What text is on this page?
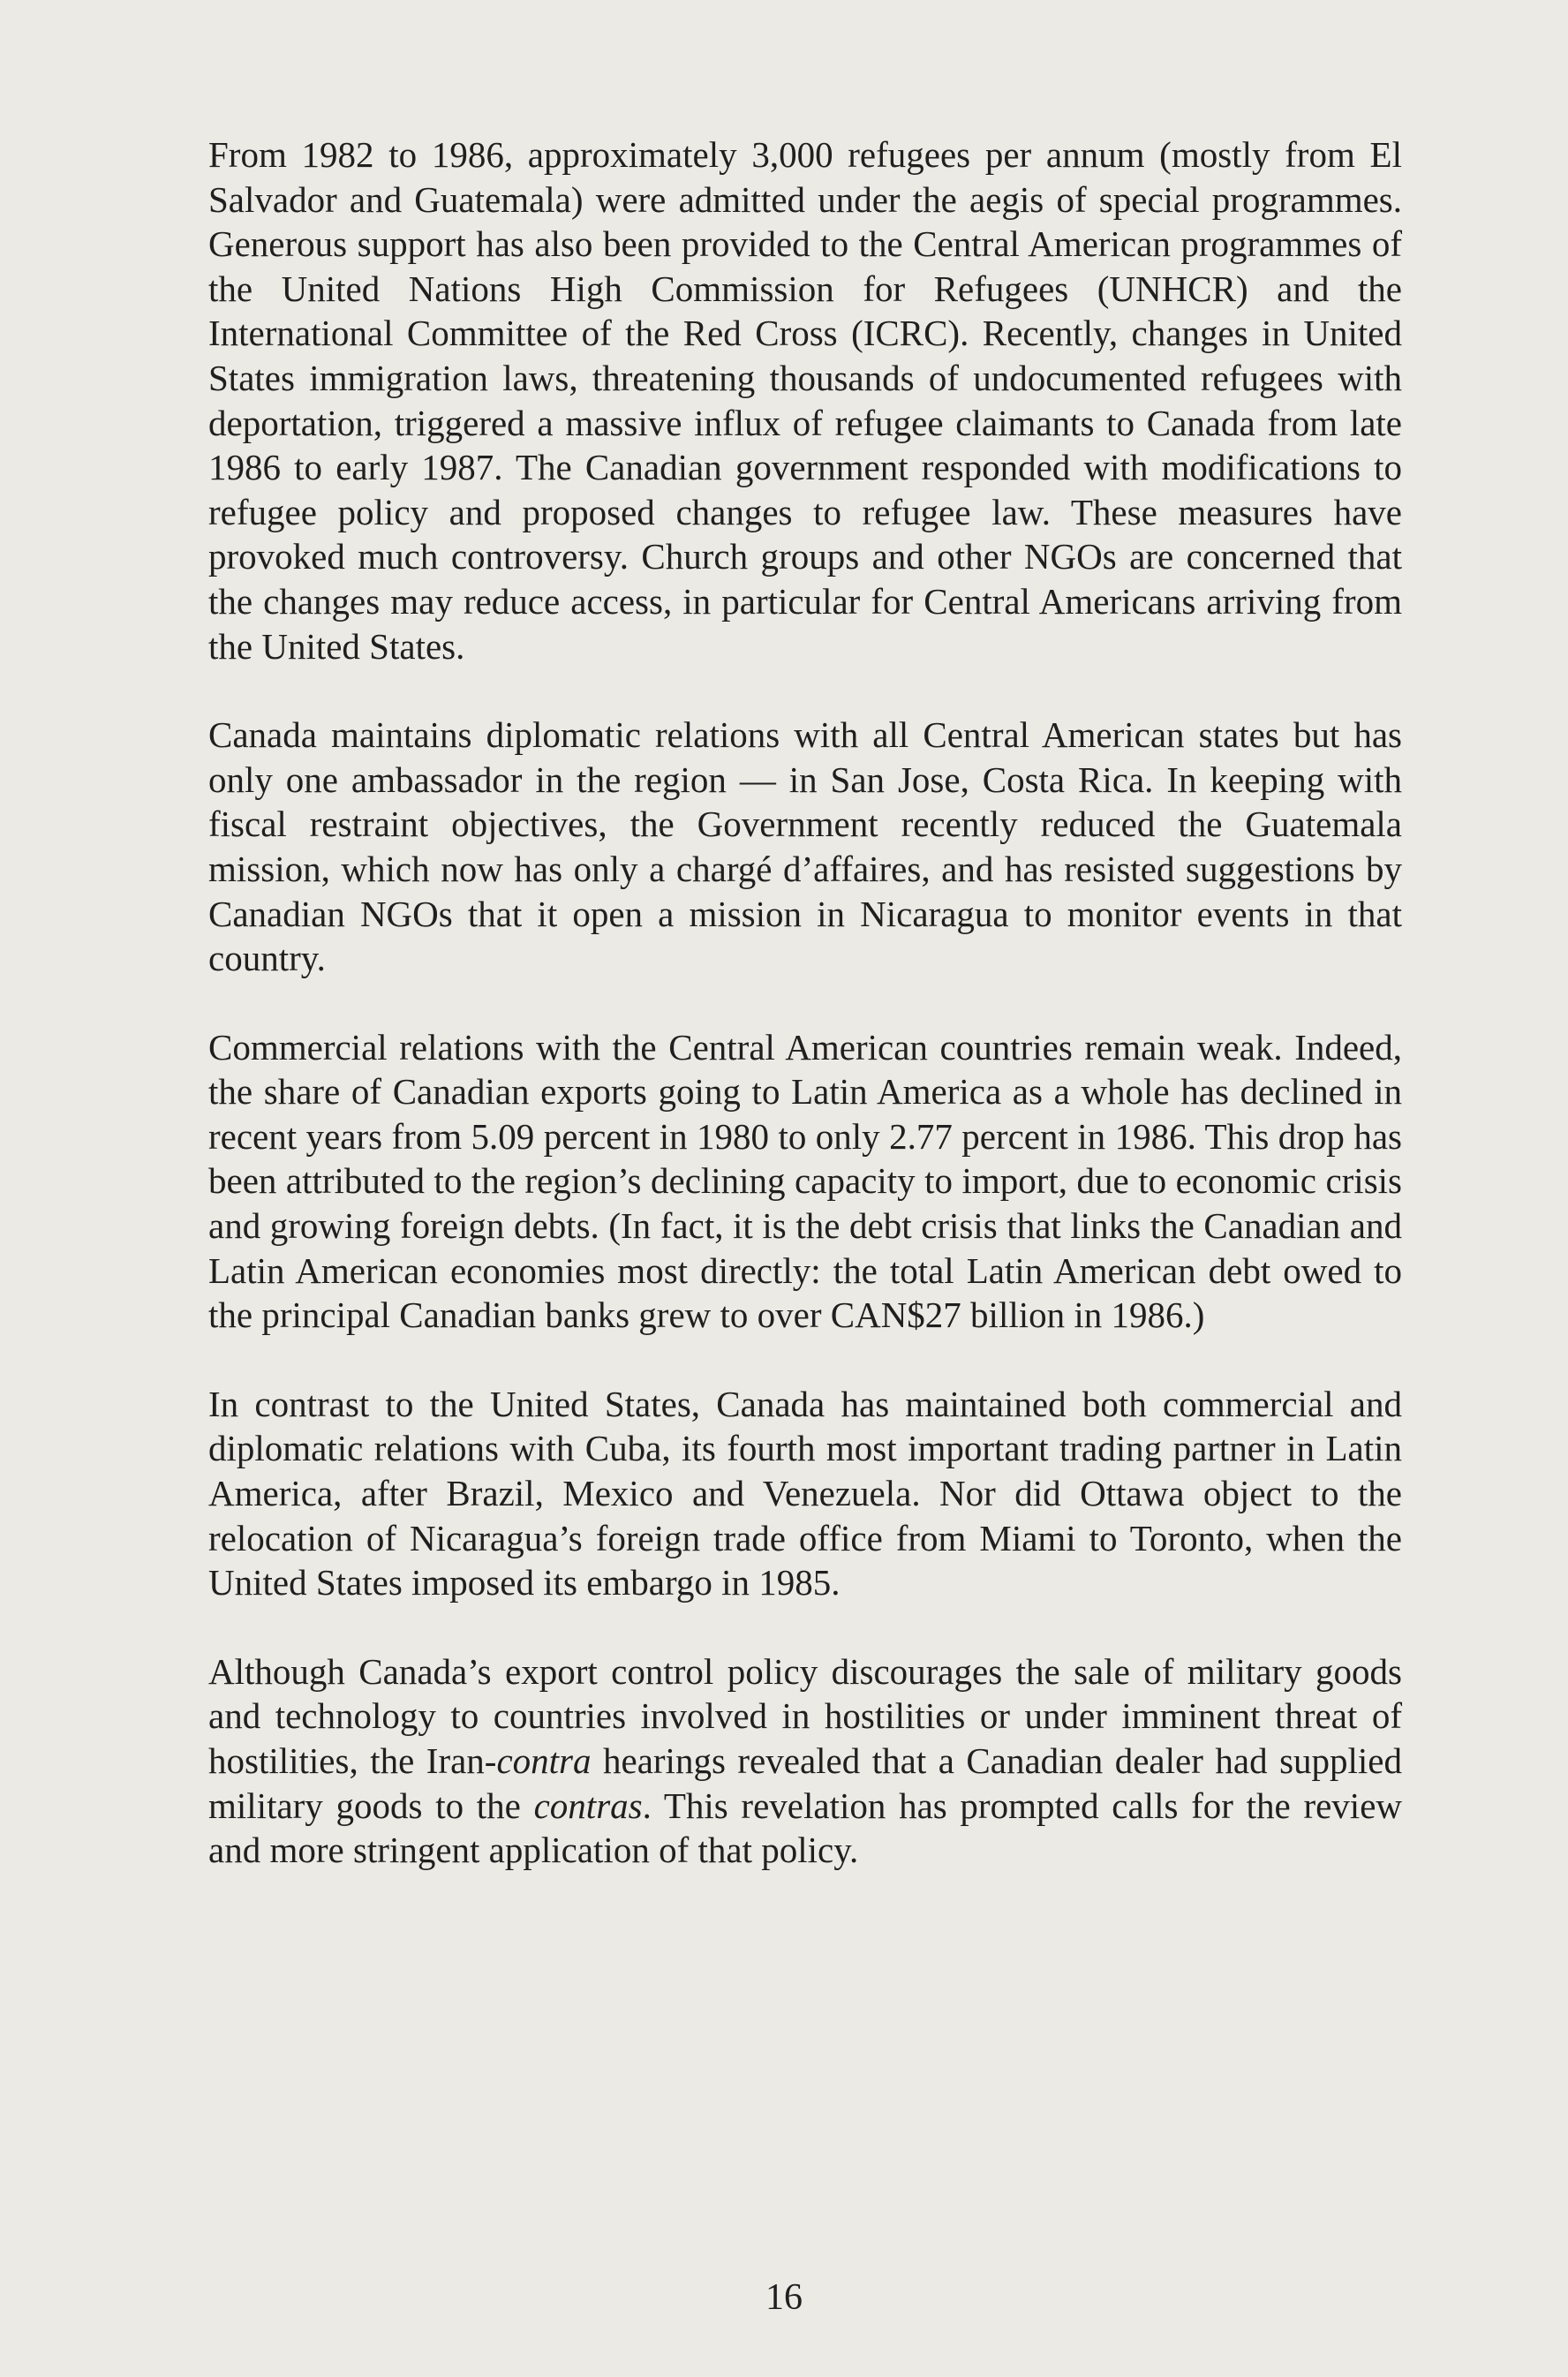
From 1982 to 1986, approximately 3,000 refugees per annum (mostly from El Salvador and Guatemala) were admitted under the aegis of special programmes. Generous support has also been provided to the Central American programmes of the United Nations High Commission for Refugees (UNHCR) and the International Committee of the Red Cross (ICRC). Recently, changes in United States immigration laws, threatening thousands of undocumented refugees with deportation, triggered a massive influx of refugee claimants to Canada from late 1986 to early 1987. The Canadian government responded with modifications to refugee policy and proposed changes to refugee law. These measures have provoked much controversy. Church groups and other NGOs are concerned that the changes may reduce access, in particular for Central Americans arriving from the United States.

Canada maintains diplomatic relations with all Central American states but has only one ambassador in the region — in San Jose, Costa Rica. In keeping with fiscal restraint objectives, the Government recently reduced the Guatemala mission, which now has only a chargé d’affaires, and has resisted suggestions by Canadian NGOs that it open a mission in Nicaragua to monitor events in that country.

Commercial relations with the Central American countries remain weak. Indeed, the share of Canadian exports going to Latin America as a whole has declined in recent years from 5.09 percent in 1980 to only 2.77 percent in 1986. This drop has been attributed to the region’s declining capacity to import, due to economic crisis and growing foreign debts. (In fact, it is the debt crisis that links the Canadian and Latin American economies most directly: the total Latin American debt owed to the principal Canadian banks grew to over CAN$27 billion in 1986.)

In contrast to the United States, Canada has maintained both commercial and diplomatic relations with Cuba, its fourth most important trading partner in Latin America, after Brazil, Mexico and Venezuela. Nor did Ottawa object to the relocation of Nicaragua’s foreign trade office from Miami to Toronto, when the United States imposed its embargo in 1985.

Although Canada’s export control policy discourages the sale of military goods and technology to countries involved in hostilities or under imminent threat of hostilities, the Iran-contra hearings revealed that a Canadian dealer had supplied military goods to the contras. This revelation has prompted calls for the review and more stringent application of that policy.

16
